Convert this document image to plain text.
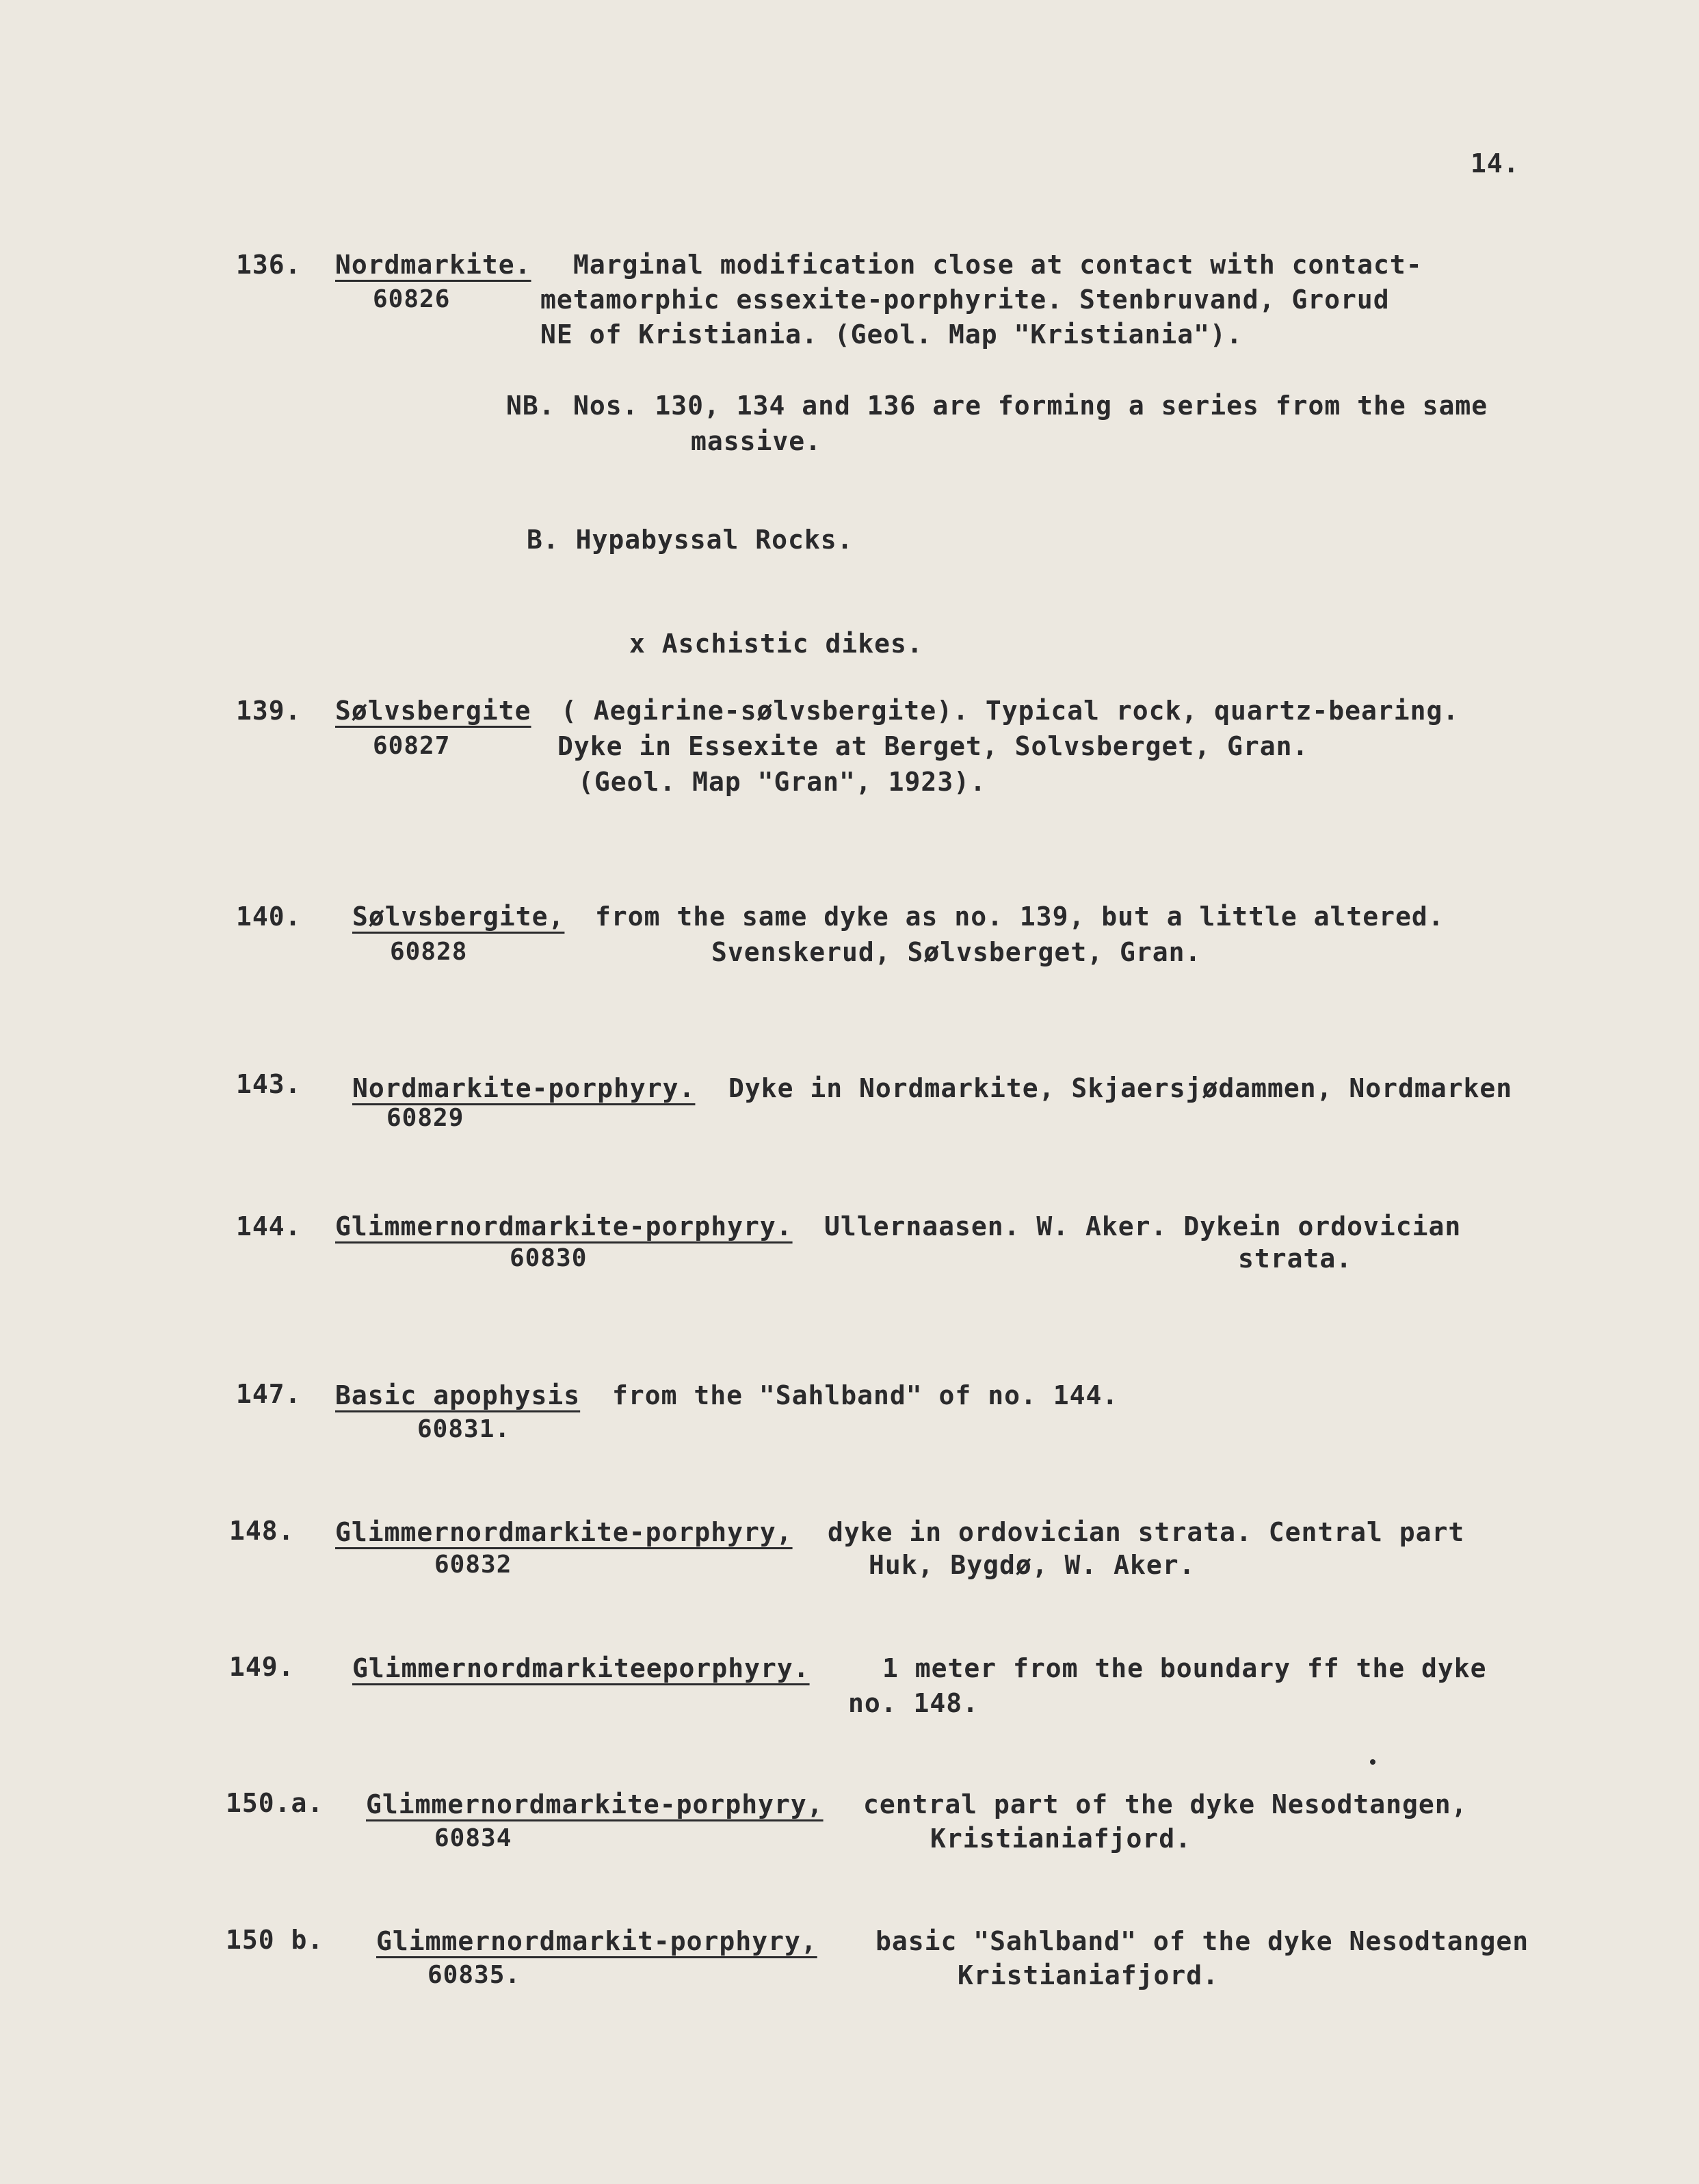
14.
136. Nordmarkite.
60826
Marginal modification close at contact with contact-
metamorphic essexite-porphyrite. Stenbruvand, Grorud
NE of Kristiania. (Geol. Map "Kristiania").
NB. Nos. 130, 134 and 136 are forming a series from the same
massive.
B. Hypabyssal Rocks.
x Aschistic dikes.
139. Sølvsbergite
60827
( Aegirine-sølvsbergite). Typical rock, quartz-bearing.
Dyke in Essexite at Berget, Solvsberget, Gran.
(Geol. Map "Gran", 1923).
140. Sølvsbergite,
60828
from the same dyke as no. 139, but a little altered.
Svenskerud, Sølvsberget, Gran.
143. Nordmarkite-porphyry.
60829
Dyke in Nordmarkite, Skjaersjødammen, Nordmarken
144. Glimmernordmarkite-porphyry.
60830
Ullernaasen. W. Aker. Dykein ordovician
strata.
147. Basic apophysis
60831.
from the "Sahlband" of no. 144.
148. Glimmernordmarkite-porphyry,
60832
dyke in ordovician strata. Central part
Huk, Bygdø, W. Aker.
149. Glimmernordmarkiteeporphyry.	1 meter from the boundary ff the dyke
no. 148.
150.a. Glimmernordmarkite-porphyry,
60834
central part of the dyke Nesodtangen,
Kristianiafjord.
150 b. Glimmernordmarkit-porphyry,
60835.
basic "Sahlband" of the dyke Nesodtangen
Kristianiafjord.
